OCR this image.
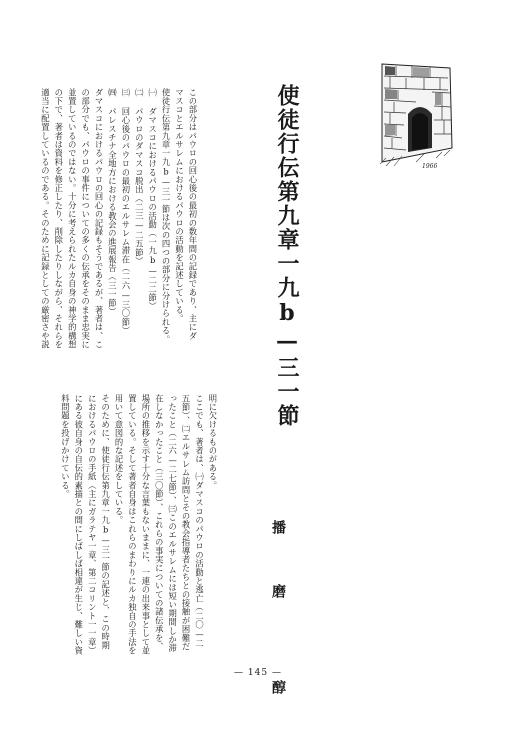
1966
使徒行伝第九章一九b—三一節

この部分はパウロの回心後の最初の数年間の記録であり、主にダ

マスコとエルサレムにおけるパウロの活動を記述している。

使徒行伝第九章一九b—三一節は次の四つの部分に分けられる。

㈠ ダマスコにおけるパウロの活動（一九b—二二節）

㈡ パウロのダマスコ脱出（二三—二五節）

㈢ 回心後のパウロの最初のエルサレム滞在（二六—三〇節）

㈣ パレスチナ全地方における教会の進展報告（三一節）

ダマスコにおけるパウロの回心の記録もそうであるが、著者は、こ

の部分でも、パウロの事件についての多くの伝承をそのまま忠実に

並置しているのではない。十分に考えられたルカ自身の神学的構想

の下で、著者は資料を修正したり、削除したりしながら、それらを

適当に配置しているのである。そのために記録としての厳密さや説

播　磨　　醇

明に欠けるものがある。

ここでも、著者は、㈠ダマスコのパウロの活動と逃亡（二〇—二

五節）、㈡エルサレム訪問とその教会指導者たちとの接触が困難だ

ったこと（二六—二七節）、㈢このエルサレムには短い期間しか滞

在しなかったこと（三〇節）、これらの事実についての諸伝承を、

場所の推移を示す十分な言葉もないままに、一連の出来事として並

置している。そして著者自身はこれらのまわりにルカ独自の手法を

用いて意図的な記述をしている。

そのために、使徒行伝第九章一九b—三一節の記述と、この時期

におけるパウロの手紙（主にガラテヤ一章、第二コリント一一章）

にある彼自身の自伝的素描との間にしばしば相違が生じ、難しい資

料問題を投げかけている。

— 145 —
